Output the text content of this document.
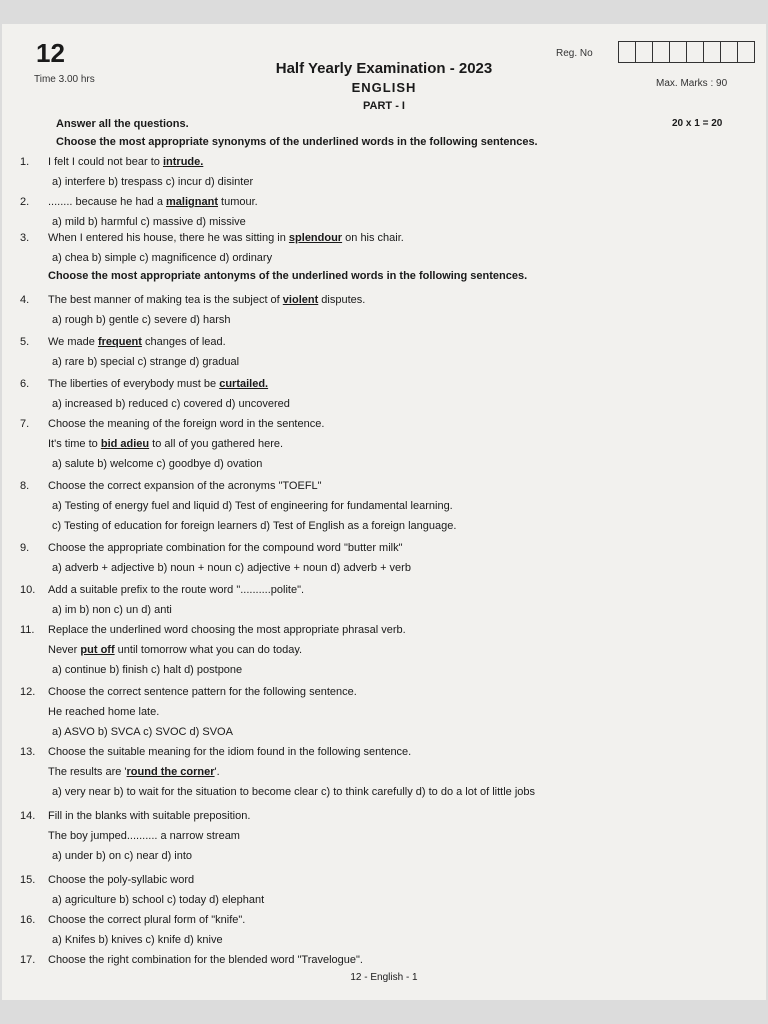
12
Time 3.00 hrs
Half Yearly Examination - 2023
ENGLISH
PART - I
Reg. No
Max. Marks : 90
20 x 1 = 20
Answer all the questions.
Choose the most appropriate synonyms of the underlined words in the following sentences.
Choose the most appropriate antonyms of the underlined words in the following sentences.
1.	I felt I could not bear to intrude.
a) interfere b) trespass c) incur d) disinter
2.	........ because he had a malignant tumour.
a) mild b) harmful c) massive d) missive
3.	When I entered his house, there he was sitting in splendour on his chair.
a) chea b) simple c) magnificence d) ordinary
4.	The best manner of making tea is the subject of violent disputes.
a) rough b) gentle c) severe d) harsh
5.	We made frequent changes of lead.
a) rare b) special c) strange d) gradual
6.	The liberties of everybody must be curtailed.
a) increased b) reduced c) covered d) uncovered
7.	Choose the meaning of the foreign word in the sentence.
It's time to bid adieu to all of you gathered here.
a) salute b) welcome c) goodbye d) ovation
8.	Choose the correct expansion of the acronyms "TOEFL"
a) Testing of energy fuel and liquid d) Test of engineering for fundamental learning.
c) Testing of education for foreign learners d) Test of English as a foreign language.
9.	Choose the appropriate combination for the compound word "butter milk"
a) adverb + adjective b) noun + noun c) adjective + noun d) adverb + verb
10.	Add a suitable prefix to the route word "..........polite".
a) im b) non c) un d) anti
11.	Replace the underlined word choosing the most appropriate phrasal verb.
Never put off until tomorrow what you can do today.
a) continue b) finish c) halt d) postpone
12.	Choose the correct sentence pattern for the following sentence.
He reached home late.
a) ASVO b) SVCA c) SVOC d) SVOA
13.	Choose the suitable meaning for the idiom found in the following sentence.
The results are 'round the corner'.
a) very near b) to wait for the situation to become clear c) to think carefully d) to do a lot of little jobs
14.	Fill in the blanks with suitable preposition.
The boy jumped.......... a narrow stream
a) under b) on c) near d) into
15.	Choose the poly-syllabic word
a) agriculture b) school c) today d) elephant
16.	Choose the correct plural form of "knife".
a) Knifes b) knives c) knife d) knive
17.	Choose the right combination for the blended word "Travelogue".
12 - English - 1
